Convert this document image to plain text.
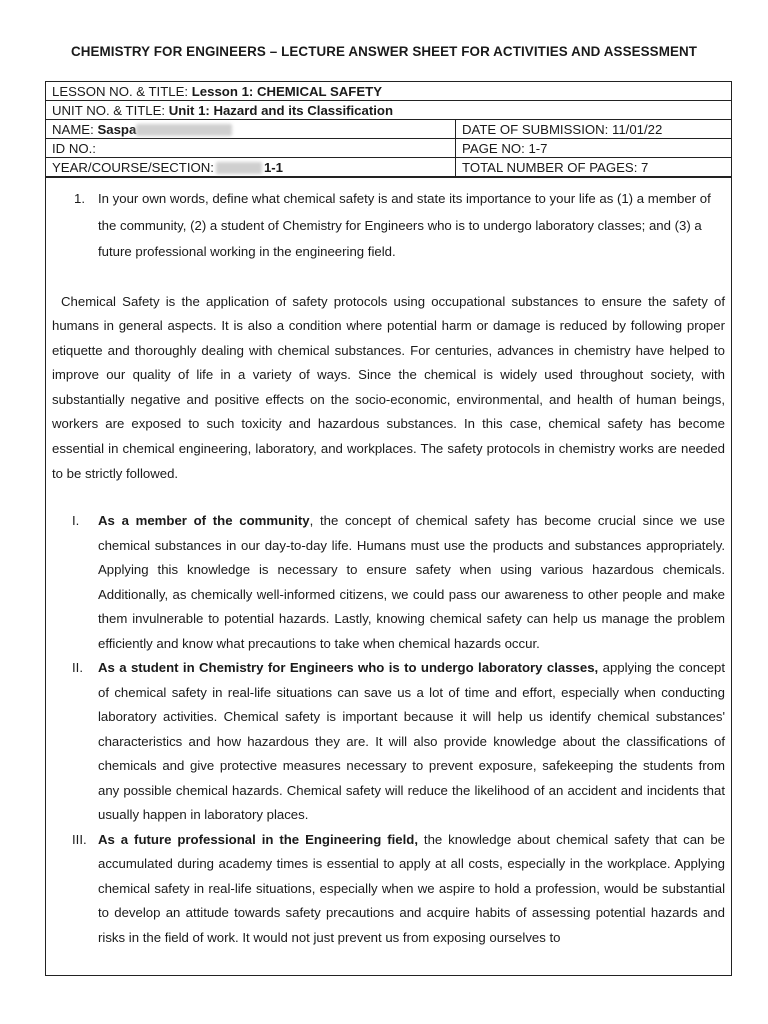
CHEMISTRY FOR ENGINEERS – LECTURE ANSWER SHEET FOR ACTIVITIES AND ASSESSMENT
LESSON NO. & TITLE: Lesson 1: CHEMICAL SAFETY	
UNIT NO. & TITLE: Unit 1: Hazard and its Classification	
NAME: Saspa	DATE OF SUBMISSION: 11/01/22
ID NO.:	PAGE NO: 1-7
YEAR/COURSE/SECTION: 1-1	TOTAL NUMBER OF PAGES: 7
1. In your own words, define what chemical safety is and state its importance to your life as (1) a member of the community, (2) a student of Chemistry for Engineers who is to undergo laboratory classes; and (3) a future professional working in the engineering field.
Chemical Safety is the application of safety protocols using occupational substances to ensure the safety of humans in general aspects. It is also a condition where potential harm or damage is reduced by following proper etiquette and thoroughly dealing with chemical substances. For centuries, advances in chemistry have helped to improve our quality of life in a variety of ways. Since the chemical is widely used throughout society, with substantially negative and positive effects on the socio-economic, environmental, and health of human beings, workers are exposed to such toxicity and hazardous substances. In this case, chemical safety has become essential in chemical engineering, laboratory, and workplaces. The safety protocols in chemistry works are needed to be strictly followed.
I.	As a member of the community, the concept of chemical safety has become crucial since we use chemical substances in our day-to-day life. Humans must use the products and substances appropriately. Applying this knowledge is necessary to ensure safety when using various hazardous chemicals. Additionally, as chemically well-informed citizens, we could pass our awareness to other people and make them invulnerable to potential hazards. Lastly, knowing chemical safety can help us manage the problem efficiently and know what precautions to take when chemical hazards occur.
II.	As a student in Chemistry for Engineers who is to undergo laboratory classes, applying the concept of chemical safety in real-life situations can save us a lot of time and effort, especially when conducting laboratory activities. Chemical safety is important because it will help us identify chemical substances' characteristics and how hazardous they are. It will also provide knowledge about the classifications of chemicals and give protective measures necessary to prevent exposure, safekeeping the students from any possible chemical hazards. Chemical safety will reduce the likelihood of an accident and incidents that usually happen in laboratory places.
III. As a future professional in the Engineering field, the knowledge about chemical safety that can be accumulated during academy times is essential to apply at all costs, especially in the workplace. Applying chemical safety in real-life situations, especially when we aspire to hold a profession, would be substantial to develop an attitude towards safety precautions and acquire habits of assessing potential hazards and risks in the field of work. It would not just prevent us from exposing ourselves to
